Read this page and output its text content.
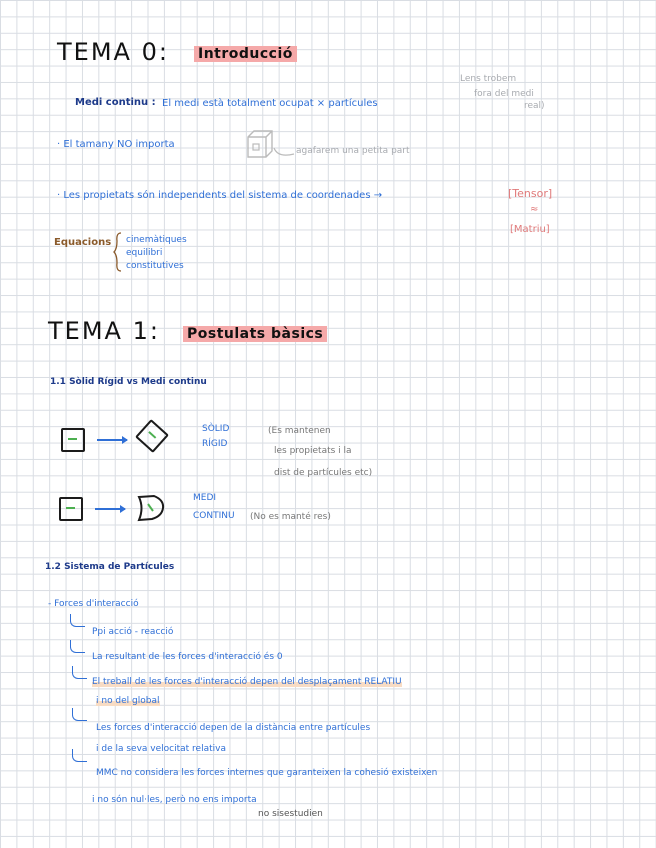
TEMA 0: Introducció
Lens trobem
fora del medi
real)
Medi continu : El medi està totalment ocupat × partícules
· El tamany NO importa
agafarem una petita part
· Les propietats són independents del sistema de coordenades →	[Tensor]
≈
[Matriu]
Equacions cinemàtiques
equilibri
constitutives
TEMA 1: Postulats bàsics
1.1 Sòlid Rígid vs Medi continu
SÒLID
RÍGID
(Es mantenen
les propietats i la
dist de partícules etc)
MEDI
CONTINU (No es manté res)
1.2 Sistema de Partícules
- Forces d'interacció
Ppi acció - reacció
La resultant de les forces d'interacció és 0
El treball de les forces d'interacció depen del desplaçament RELATIU
i no del global
Les forces d'interacció depen de la distància entre partícules
i de la seva velocitat relativa
MMC no considera les forces internes que garanteixen la cohesió existeixen
i no són nul·les, però no ens importa
no sisestudien
